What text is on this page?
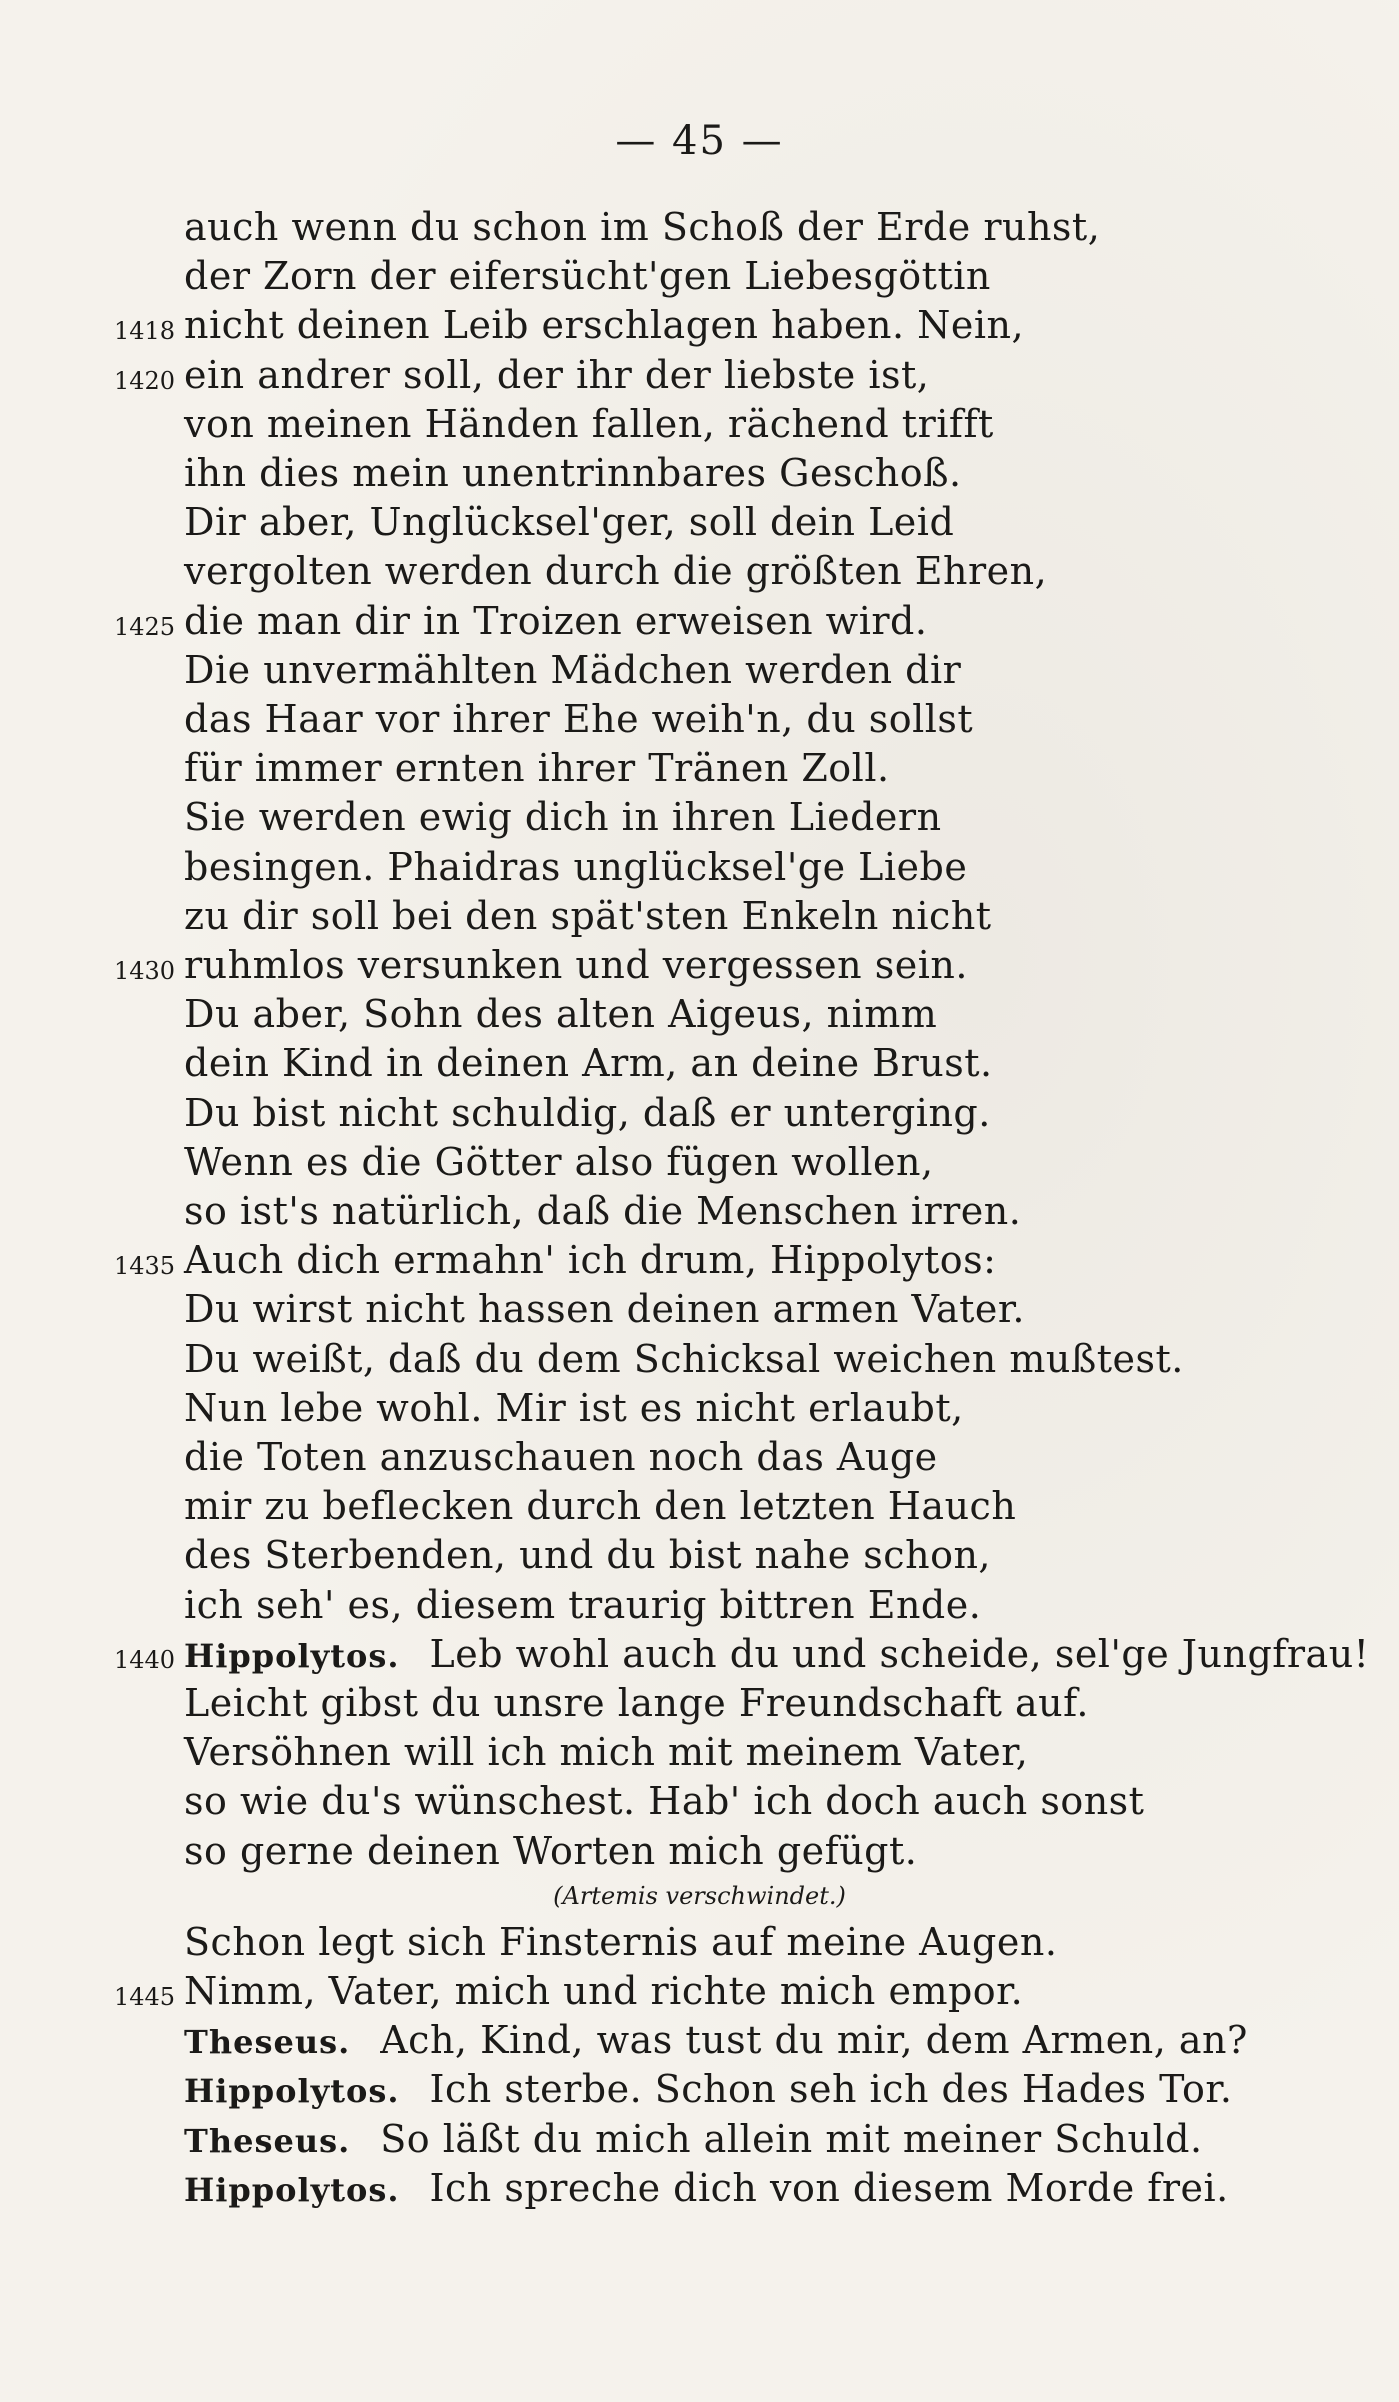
— 45 —
auch wenn du schon im Schoß der Erde ruhst,
der Zorn der eifersücht'gen Liebesgöttin
1418 nicht deinen Leib erschlagen haben. Nein,
1420 ein andrer soll, der ihr der liebste ist,
von meinen Händen fallen, rächend trifft
ihn dies mein unentrinnbares Geschoß.
Dir aber, Unglücksel'ger, soll dein Leid
vergolten werden durch die größten Ehren,
1425 die man dir in Troizen erweisen wird.
Die unvermählten Mädchen werden dir
das Haar vor ihrer Ehe weih'n, du sollst
für immer ernten ihrer Tränen Zoll.
Sie werden ewig dich in ihren Liedern
besingen. Phaidras unglücksel'ge Liebe
zu dir soll bei den spät'sten Enkeln nicht
1430 ruhmlos versunken und vergessen sein.
Du aber, Sohn des alten Aigeus, nimm
dein Kind in deinen Arm, an deine Brust.
Du bist nicht schuldig, daß er unterging.
Wenn es die Götter also fügen wollen,
so ist's natürlich, daß die Menschen irren.
1435 Auch dich ermahn' ich drum, Hippolytos:
Du wirst nicht hassen deinen armen Vater.
Du weißt, daß du dem Schicksal weichen mußtest.
Nun lebe wohl. Mir ist es nicht erlaubt,
die Toten anzuschauen noch das Auge
mir zu beflecken durch den letzten Hauch
des Sterbenden, und du bist nahe schon,
ich seh' es, diesem traurig bittren Ende.
1440 Hippolytos. Leb wohl auch du und scheide, sel'ge Jungfrau!
Leicht gibst du unsre lange Freundschaft auf.
Versöhnen will ich mich mit meinem Vater,
so wie du's wünschest. Hab' ich doch auch sonst
so gerne deinen Worten mich gefügt.
Schon legt sich Finsternis auf meine Augen.
1445 Nimm, Vater, mich und richte mich empor.
Theseus. Ach, Kind, was tust du mir, dem Armen, an?
Hippolytos. Ich sterbe. Schon seh ich des Hades Tor.
Theseus. So läßt du mich allein mit meiner Schuld.
Hippolytos. Ich spreche dich von diesem Morde frei.
(Artemis verschwindet.)
